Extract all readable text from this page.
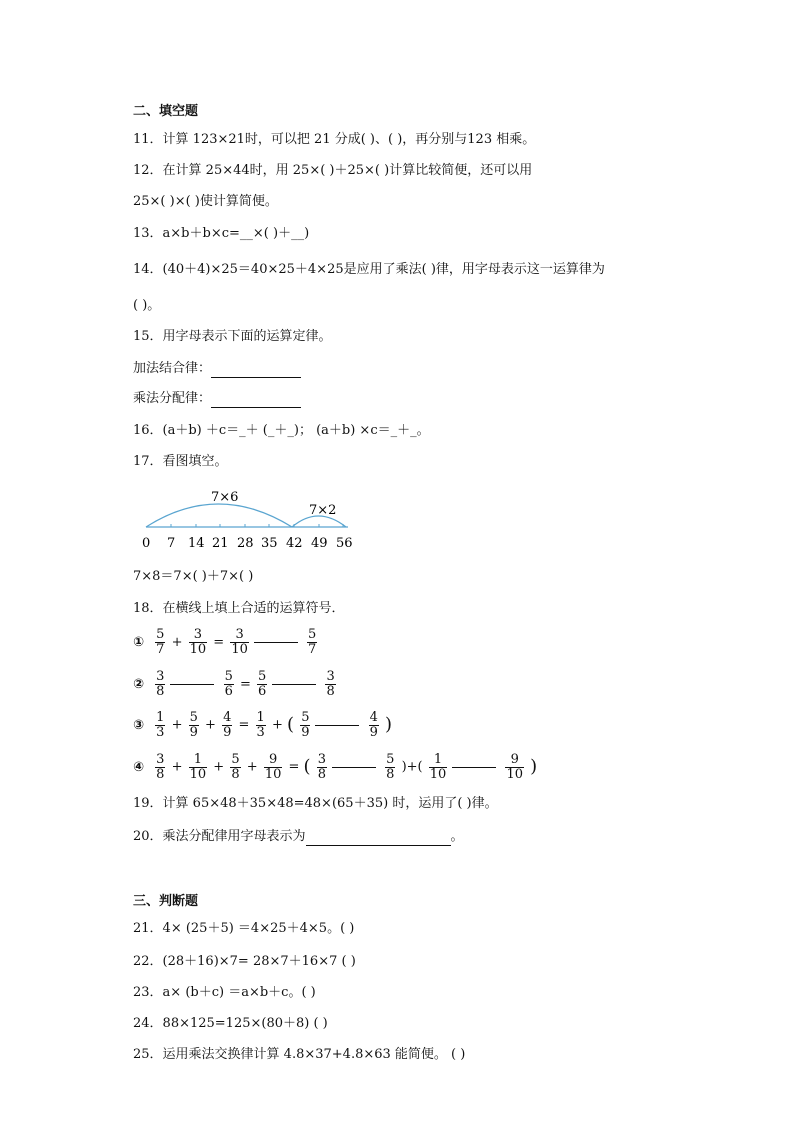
二、填空题
11．计算 123×21时，可以把 21 分成( )、( )，再分别与123 相乘。
12．在计算 25×44时，用 25×( )＋25×( )计算比较简便，还可以用
25×( )×( )使计算简便。
13．a×b＋b×c=__×( )＋__)
14．(40＋4)×25＝40×25＋4×25是应用了乘法( )律，用字母表示这一运算律为
( )。
15．用字母表示下面的运算定律。
加法结合律：
乘法分配律：
16．(a＋b) ＋c＝_＋ (_＋_)； (a＋b) ×c＝_＋_。
17．看图填空。
7×6
7×2
0 7 14 21 28 35 42 49 56
7×8＝7×( )＋7×( )
18．在横线上填上合适的运算符号．
① $\frac{5}{7} + \frac{3}{10} = \frac{3}{10}$
	$\frac{5}{7}$
② $\frac{3}{8}$
	$\frac{5}{6} = \frac{5}{6}$
	$\frac{3}{8}$
③ $\frac{1}{3} + \frac{5}{9} + \frac{4}{9} = \frac{1}{3}$ + ( $\frac{5}{9}$
	$\frac{4}{9}$ )
④ $\frac{3}{8} + \frac{1}{10} + \frac{5}{8} + \frac{9}{10}$ = ( $\frac{3}{8}$
	$\frac{5}{8}$ )+( $\frac{1}{10}$
	$\frac{9}{10}$ )
19．计算 65×48＋35×48=48×(65＋35) 时，运用了( )律。
20．乘法分配律用字母表示为	。
三、判断题
21．4× (25＋5) ＝4×25＋4×5。( )
22．(28＋16)×7= 28×7＋16×7 ( )
23．a× (b＋c) ＝a×b＋c。( )
24．88×125=125×(80＋8) ( )
25．运用乘法交换律计算 4.8×37+4.8×63 能简便。 ( )
